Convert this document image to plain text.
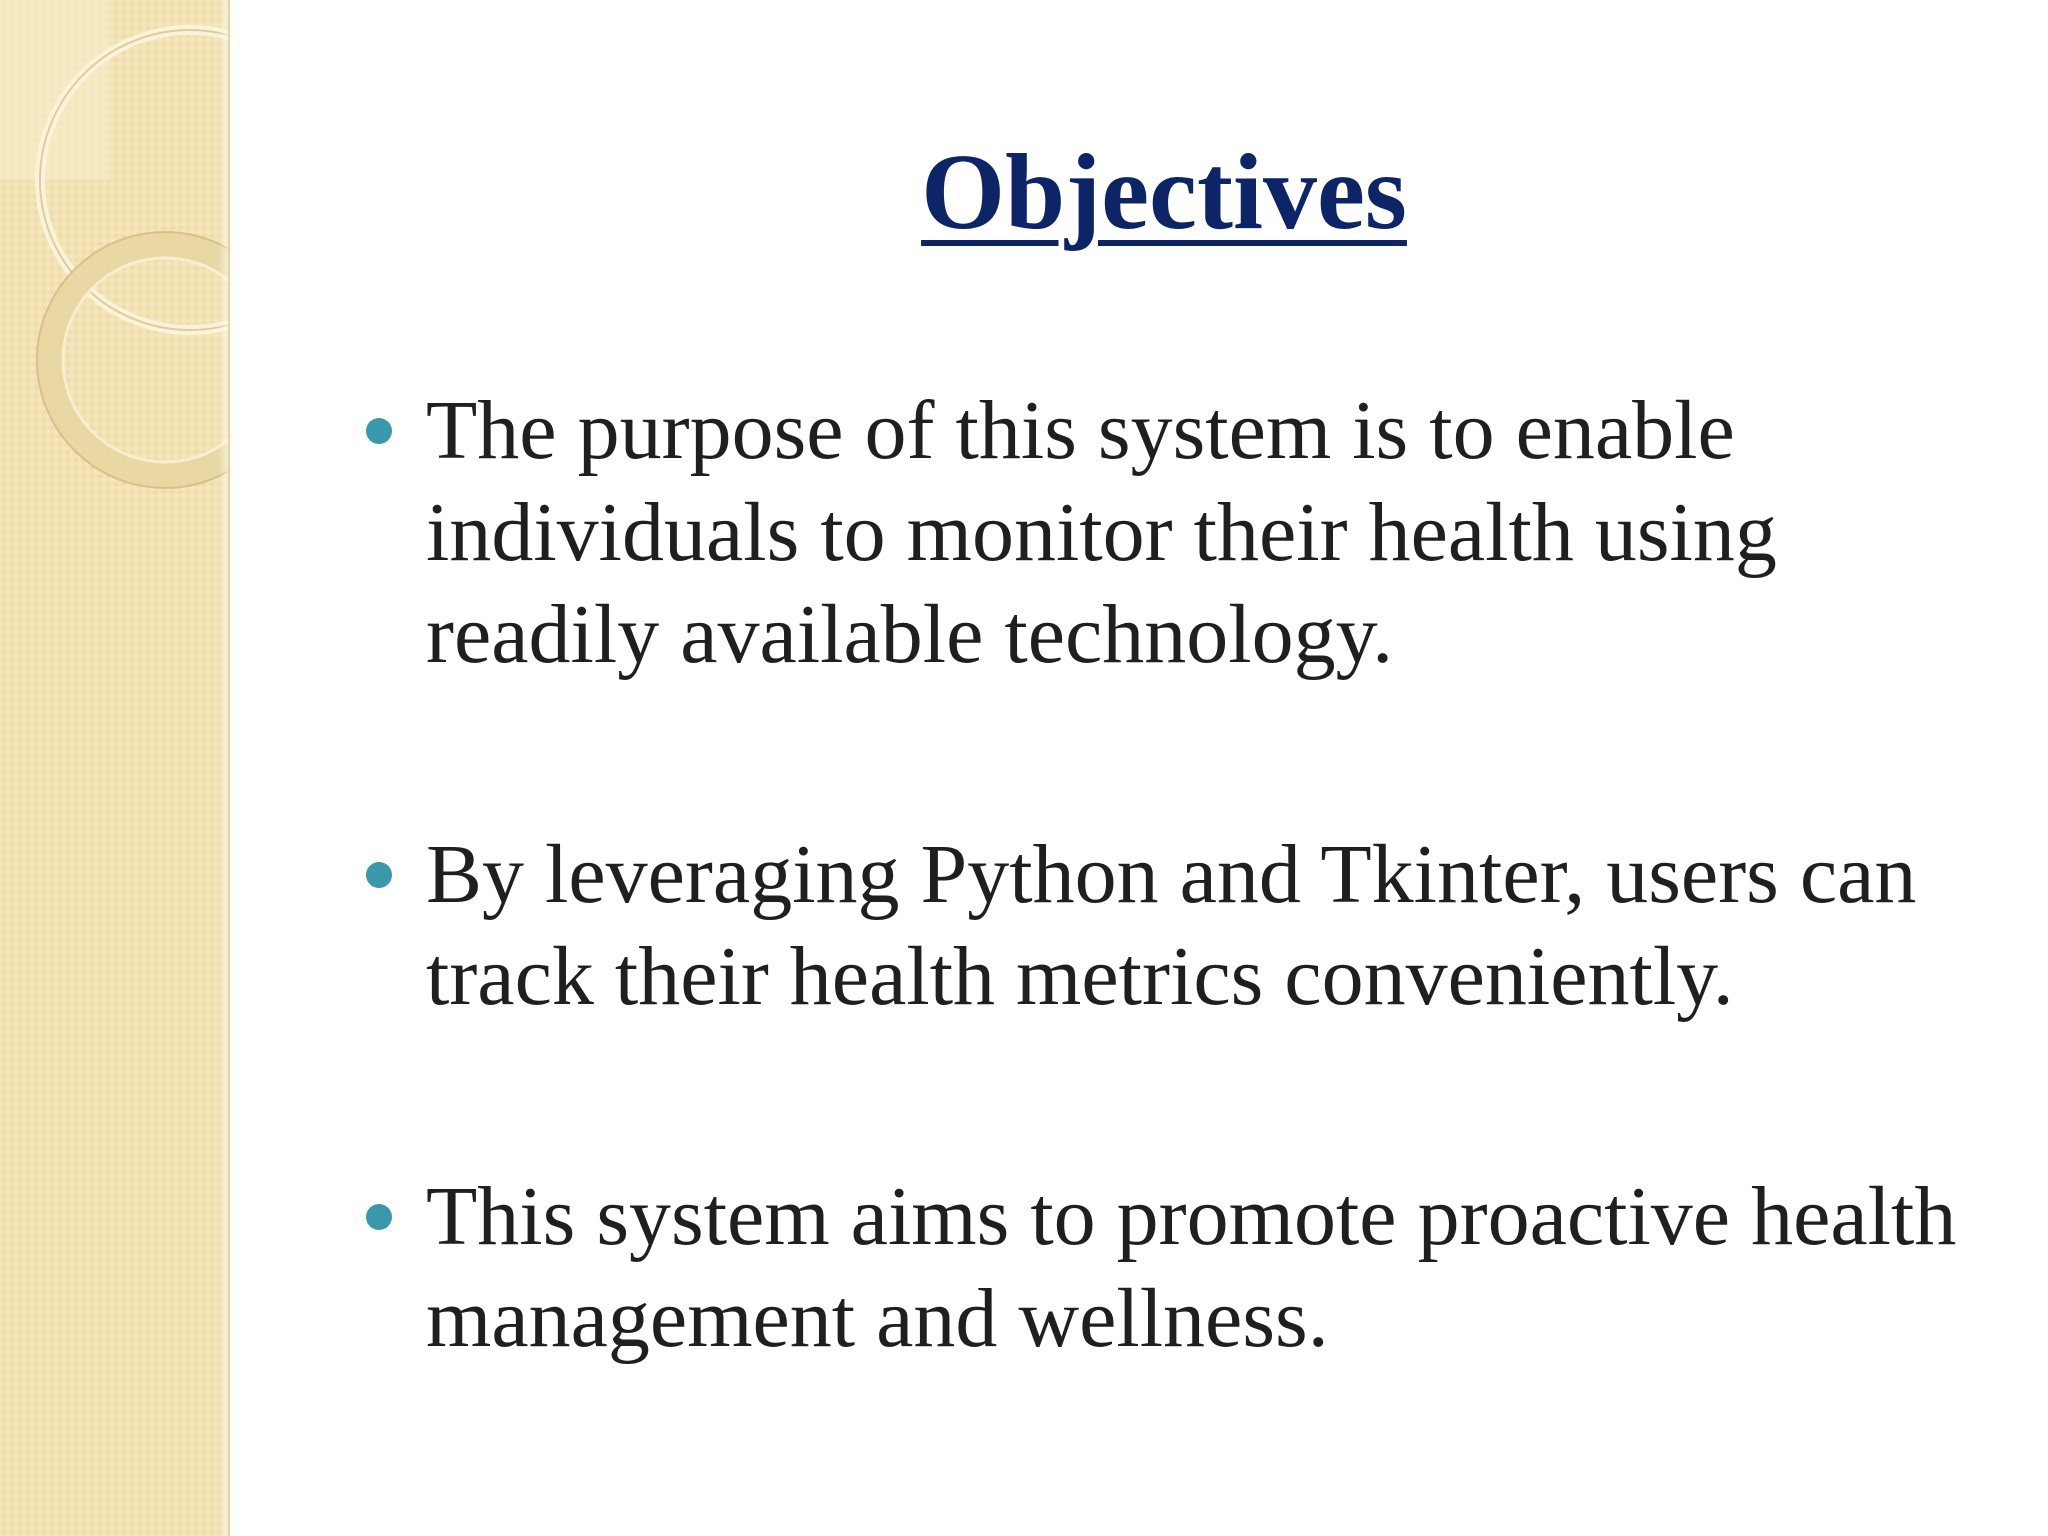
Objectives
The purpose of this system is to enable individuals to monitor their health using readily available technology.
By leveraging Python and Tkinter, users can track their health metrics conveniently.
This system aims to promote proactive health management and wellness.
